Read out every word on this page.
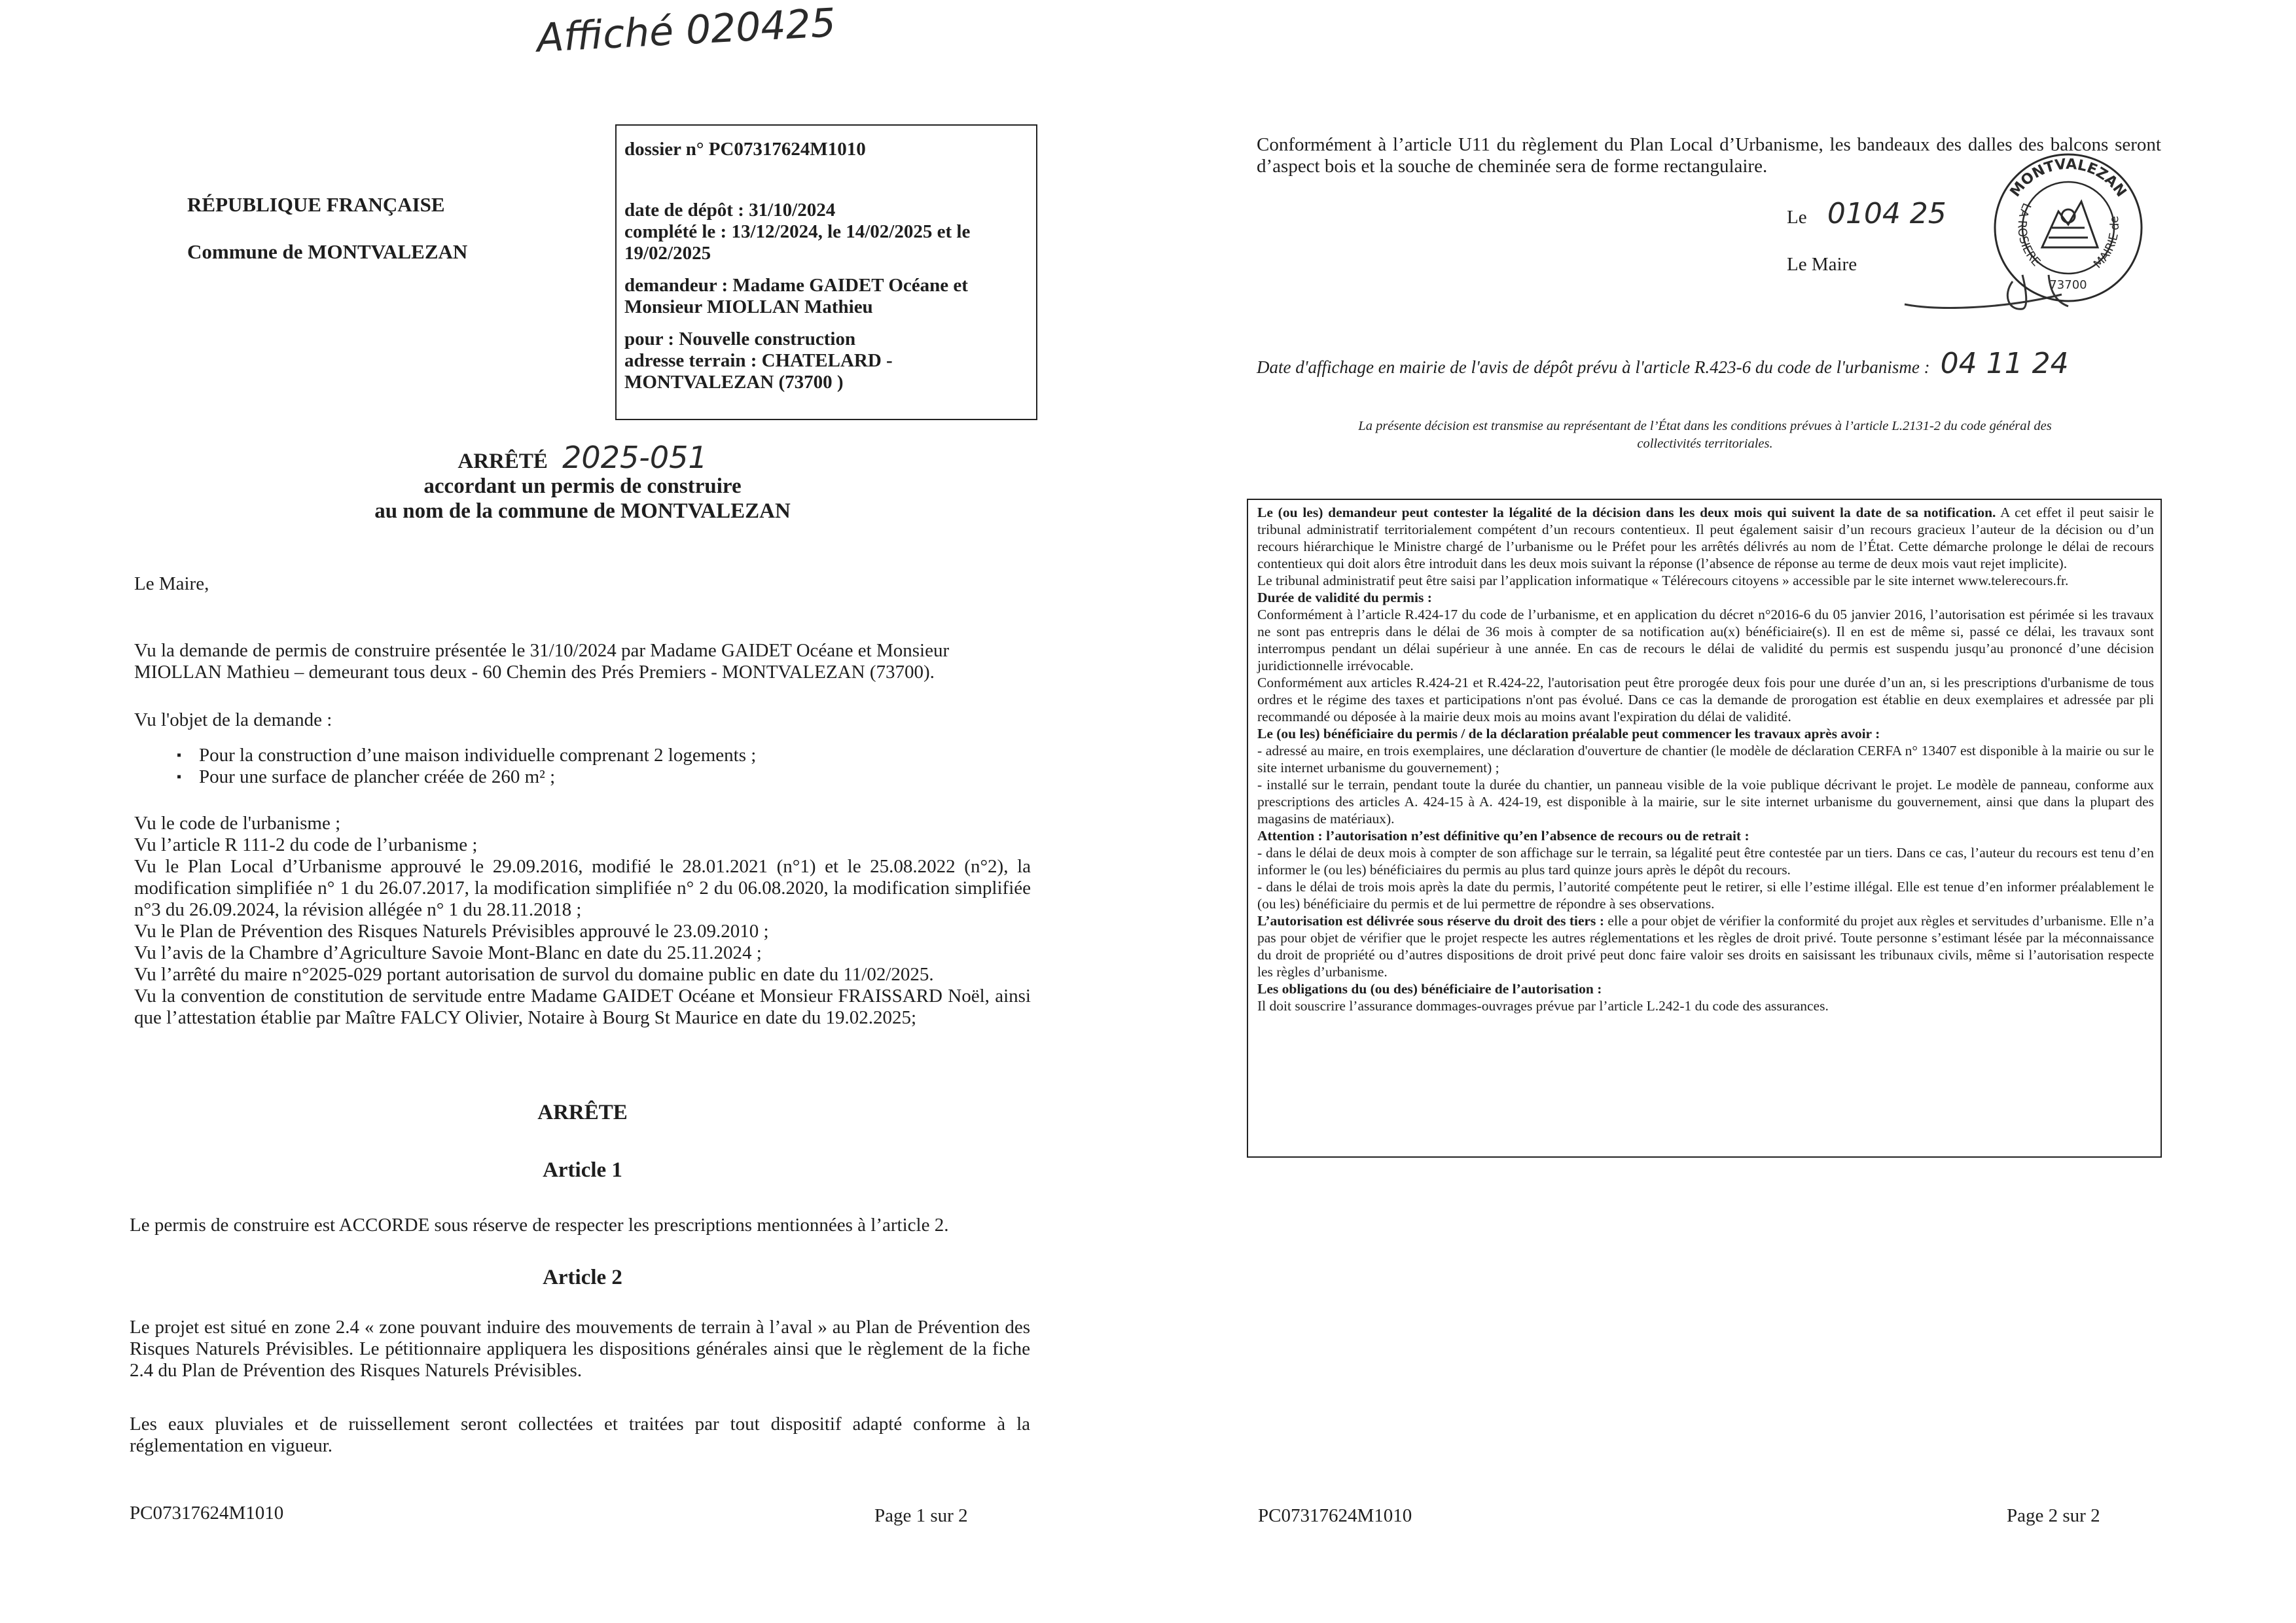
Affiché 020425
RÉPUBLIQUE FRANÇAISE
Commune de MONTVALEZAN
dossier n° PC07317624M1010
date de dépôt : 31/10/2024
complété le : 13/12/2024, le 14/02/2025 et le
19/02/2025
demandeur : Madame GAIDET Océane et
Monsieur MIOLLAN Mathieu
pour : Nouvelle construction
adresse terrain : CHATELARD -
MONTVALEZAN (73700 )
ARRÊTÉ 2025-051
accordant un permis de construire
au nom de la commune de MONTVALEZAN
Le Maire,
Vu la demande de permis de construire présentée le 31/10/2024 par Madame GAIDET Océane et Monsieur
MIOLLAN Mathieu – demeurant tous deux - 60 Chemin des Prés Premiers - MONTVALEZAN (73700).
Vu l'objet de la demande :
▪ Pour la construction d’une maison individuelle comprenant 2 logements ;
▪ Pour une surface de plancher créée de 260 m² ;
Vu le code de l'urbanisme ;
Vu l’article R 111-2 du code de l’urbanisme ;
Vu le Plan Local d’Urbanisme approuvé le 29.09.2016, modifié le 28.01.2021 (n°1) et le 25.08.2022 (n°2), la modification simplifiée n° 1 du 26.07.2017, la modification simplifiée n° 2 du 06.08.2020, la modification simplifiée n°3 du 26.09.2024, la révision allégée n° 1 du 28.11.2018 ;
Vu le Plan de Prévention des Risques Naturels Prévisibles approuvé le 23.09.2010 ;
Vu l’avis de la Chambre d’Agriculture Savoie Mont-Blanc en date du 25.11.2024 ;
Vu l’arrêté du maire n°2025-029 portant autorisation de survol du domaine public en date du 11/02/2025.
Vu la convention de constitution de servitude entre Madame GAIDET Océane et Monsieur FRAISSARD Noël, ainsi que l’attestation établie par Maître FALCY Olivier, Notaire à Bourg St Maurice en date du 19.02.2025;
ARRÊTE
Article 1
Le permis de construire est ACCORDE sous réserve de respecter les prescriptions mentionnées à l’article 2.
Article 2
Le projet est situé en zone 2.4 « zone pouvant induire des mouvements de terrain à l’aval » au Plan de Prévention des Risques Naturels Prévisibles. Le pétitionnaire appliquera les dispositions générales ainsi que le règlement de la fiche 2.4 du Plan de Prévention des Risques Naturels Prévisibles.
Les eaux pluviales et de ruissellement seront collectées et traitées par tout dispositif adapté conforme à la réglementation en vigueur.
PC07317624M1010	Page 1 sur 2
Conformément à l’article U11 du règlement du Plan Local d’Urbanisme, les bandeaux des dalles des balcons seront d’aspect bois et la souche de cheminée sera de forme rectangulaire.
Le 0104 25
Le Maire
MONTVALEZAN
MAIRIE de
LA ROSIERE
73700
Date d'affichage en mairie de l'avis de dépôt prévu à l'article R.423-6 du code de l'urbanisme : 04 11 24
La présente décision est transmise au représentant de l’État dans les conditions prévues à l’article L.2131-2 du code général des
collectivités territoriales.

Le (ou les) demandeur peut contester la légalité de la décision dans les deux mois qui suivent la date de sa notification. A cet effet il peut saisir le tribunal administratif territorialement compétent d’un recours contentieux. Il peut également saisir d’un recours gracieux l’auteur de la décision ou d’un recours hiérarchique le Ministre chargé de l’urbanisme ou le Préfet pour les arrêtés délivrés au nom de l’État. Cette démarche prolonge le délai de recours contentieux qui doit alors être introduit dans les deux mois suivant la réponse (l’absence de réponse au terme de deux mois vaut rejet implicite).

Le tribunal administratif peut être saisi par l’application informatique « Télérecours citoyens » accessible par le site internet www.telerecours.fr.

Durée de validité du permis :

Conformément à l’article R.424-17 du code de l’urbanisme, et en application du décret n°2016-6 du 05 janvier 2016, l’autorisation est périmée si les travaux ne sont pas entrepris dans le délai de 36 mois à compter de sa notification au(x) bénéficiaire(s). Il en est de même si, passé ce délai, les travaux sont interrompus pendant un délai supérieur à une année. En cas de recours le délai de validité du permis est suspendu jusqu’au prononcé d’une décision juridictionnelle irrévocable.

Conformément aux articles R.424-21 et R.424-22, l'autorisation peut être prorogée deux fois pour une durée d’un an, si les prescriptions d'urbanisme de tous ordres et le régime des taxes et participations n'ont pas évolué. Dans ce cas la demande de prorogation est établie en deux exemplaires et adressée par pli recommandé ou déposée à la mairie deux mois au moins avant l'expiration du délai de validité.

Le (ou les) bénéficiaire du permis / de la déclaration préalable peut commencer les travaux après avoir :

- adressé au maire, en trois exemplaires, une déclaration d'ouverture de chantier (le modèle de déclaration CERFA n° 13407 est disponible à la mairie ou sur le site internet urbanisme du gouvernement) ;

- installé sur le terrain, pendant toute la durée du chantier, un panneau visible de la voie publique décrivant le projet. Le modèle de panneau, conforme aux prescriptions des articles A. 424-15 à A. 424-19, est disponible à la mairie, sur le site internet urbanisme du gouvernement, ainsi que dans la plupart des magasins de matériaux).

Attention : l’autorisation n’est définitive qu’en l’absence de recours ou de retrait :

- dans le délai de deux mois à compter de son affichage sur le terrain, sa légalité peut être contestée par un tiers. Dans ce cas, l’auteur du recours est tenu d’en informer le (ou les) bénéficiaires du permis au plus tard quinze jours après le dépôt du recours.

- dans le délai de trois mois après la date du permis, l’autorité compétente peut le retirer, si elle l’estime illégal. Elle est tenue d’en informer préalablement le (ou les) bénéficiaire du permis et de lui permettre de répondre à ses observations.

L’autorisation est délivrée sous réserve du droit des tiers : elle a pour objet de vérifier la conformité du projet aux règles et servitudes d’urbanisme. Elle n’a pas pour objet de vérifier que le projet respecte les autres réglementations et les règles de droit privé. Toute personne s’estimant lésée par la méconnaissance du droit de propriété ou d’autres dispositions de droit privé peut donc faire valoir ses droits en saisissant les tribunaux civils, même si l’autorisation respecte les règles d’urbanisme.

Les obligations du (ou des) bénéficiaire de l’autorisation :

Il doit souscrire l’assurance dommages-ouvrages prévue par l’article L.242-1 du code des assurances.

PC07317624M1010	Page 2 sur 2
